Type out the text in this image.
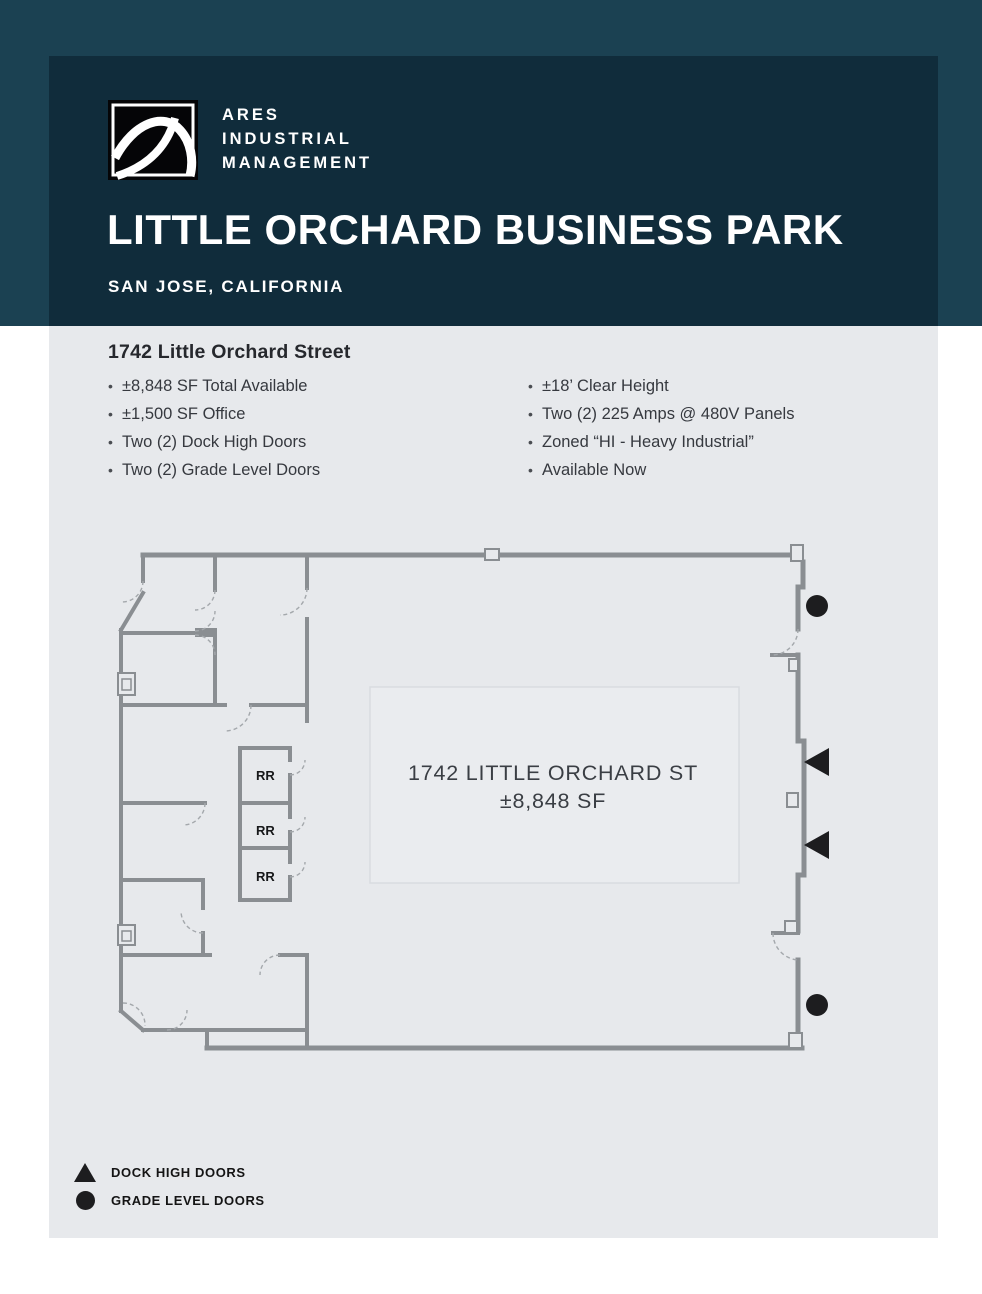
ARES
INDUSTRIAL
MANAGEMENT
LITTLE ORCHARD BUSINESS PARK
SAN JOSE, CALIFORNIA
1742 Little Orchard Street
• ±8,848 SF Total Available
• ±1,500 SF Office
• Two (2) Dock High Doors
• Two (2) Grade Level Doors
• ±18’ Clear Height
• Two (2) 225 Amps @ 480V Panels
• Zoned “HI - Heavy Industrial”
• Available Now
RR
RR
RR
1742 LITTLE ORCHARD ST
±8,848 SF
DOCK HIGH DOORS
GRADE LEVEL DOORS
